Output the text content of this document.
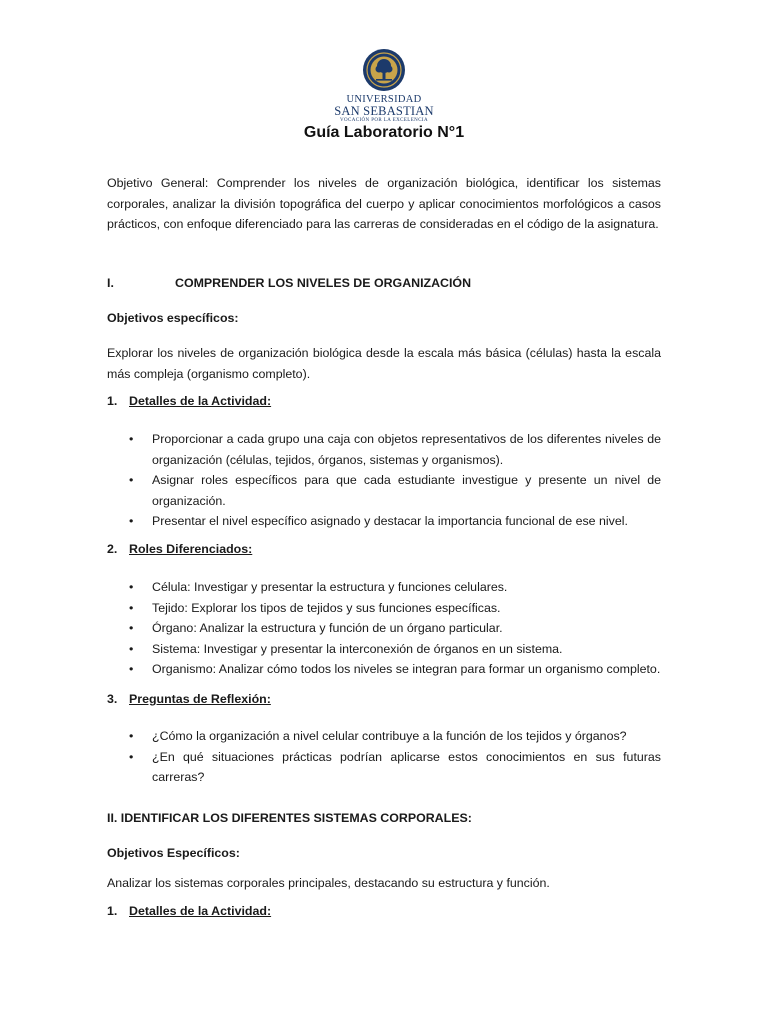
UNIVERSIDAD
SAN SEBASTIAN
VOCACIÓN POR LA EXCELENCIA
Guía Laboratorio N°1
Objetivo General: Comprender los niveles de organización biológica, identificar los sistemas corporales, analizar la división topográfica del cuerpo y aplicar conocimientos morfológicos a casos prácticos, con enfoque diferenciado para las carreras de consideradas en el código de la asignatura.
I.	COMPRENDER LOS NIVELES DE ORGANIZACIÓN
Objetivos específicos:
Explorar los niveles de organización biológica desde la escala más básica (células) hasta la escala más compleja (organismo completo).
1. Detalles de la Actividad:
• Proporcionar a cada grupo una caja con objetos representativos de los diferentes niveles de organización (células, tejidos, órganos, sistemas y organismos).
• Asignar roles específicos para que cada estudiante investigue y presente un nivel de organización.
• Presentar el nivel específico asignado y destacar la importancia funcional de ese nivel.
2. Roles Diferenciados:
• Célula: Investigar y presentar la estructura y funciones celulares.
• Tejido: Explorar los tipos de tejidos y sus funciones específicas.
• Órgano: Analizar la estructura y función de un órgano particular.
• Sistema: Investigar y presentar la interconexión de órganos en un sistema.
• Organismo: Analizar cómo todos los niveles se integran para formar un organismo completo.
3. Preguntas de Reflexión:
• ¿Cómo la organización a nivel celular contribuye a la función de los tejidos y órganos?
• ¿En qué situaciones prácticas podrían aplicarse estos conocimientos en sus futuras carreras?
II. IDENTIFICAR LOS DIFERENTES SISTEMAS CORPORALES:
Objetivos Específicos:
Analizar los sistemas corporales principales, destacando su estructura y función.
1. Detalles de la Actividad:
